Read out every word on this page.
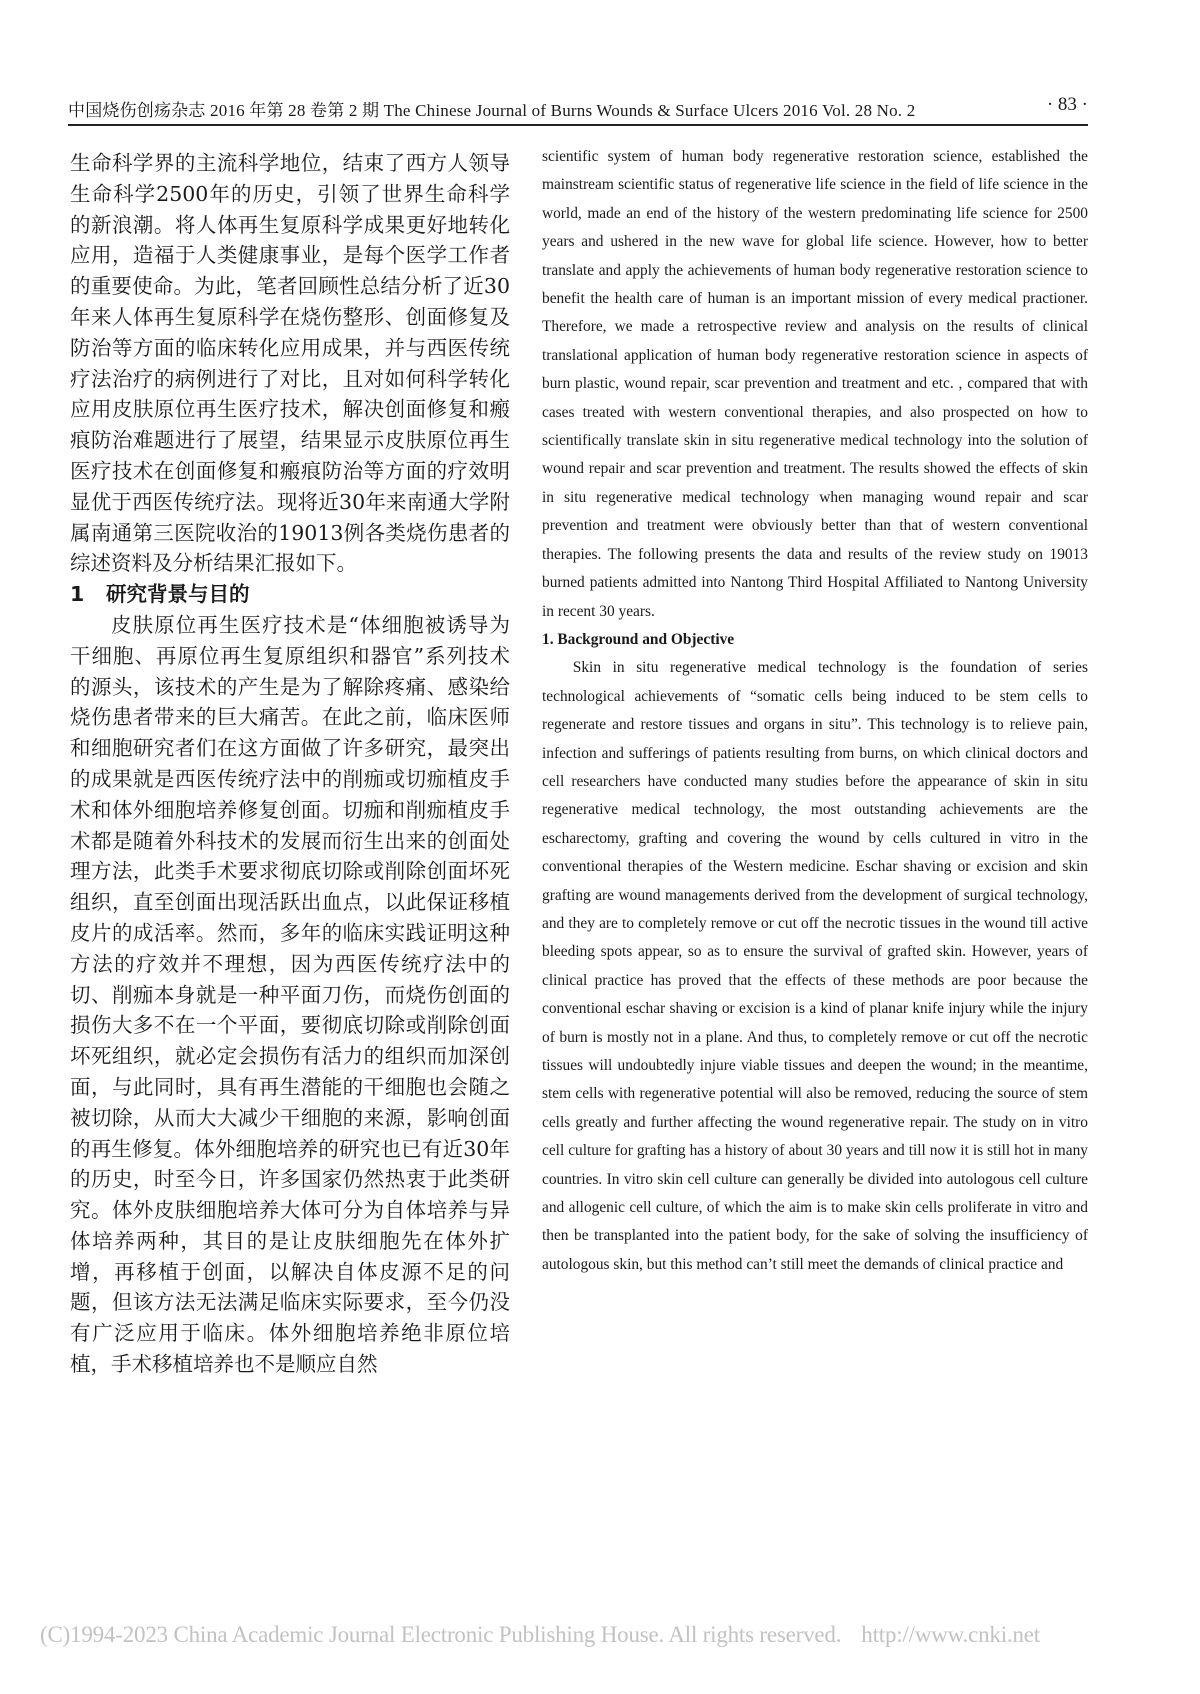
中国烧伤创疡杂志 2016 年第 28 卷第 2 期 The Chinese Journal of Burns Wounds & Surface Ulcers 2016 Vol. 28 No. 2	· 83 ·

生命科学界的主流科学地位，结束了西方人领导生命科学2500年的历史，引领了世界生命科学的新浪潮。将人体再生复原科学成果更好地转化应用，造福于人类健康事业，是每个医学工作者的重要使命。为此，笔者回顾性总结分析了近30年来人体再生复原科学在烧伤整形、创面修复及防治等方面的临床转化应用成果，并与西医传统疗法治疗的病例进行了对比，且对如何科学转化应用皮肤原位再生医疗技术，解决创面修复和瘢痕防治难题进行了展望，结果显示皮肤原位再生医疗技术在创面修复和瘢痕防治等方面的疗效明显优于西医传统疗法。现将近30年来南通大学附属南通第三医院收治的19013例各类烧伤患者的综述资料及分析结果汇报如下。

1 研究背景与目的

皮肤原位再生医疗技术是“体细胞被诱导为干细胞、再原位再生复原组织和器官”系列技术的源头，该技术的产生是为了解除疼痛、感染给烧伤患者带来的巨大痛苦。在此之前，临床医师和细胞研究者们在这方面做了许多研究，最突出的成果就是西医传统疗法中的削痂或切痂植皮手术和体外细胞培养修复创面。切痂和削痂植皮手术都是随着外科技术的发展而衍生出来的创面处理方法，此类手术要求彻底切除或削除创面坏死组织，直至创面出现活跃出血点，以此保证移植皮片的成活率。然而，多年的临床实践证明这种方法的疗效并不理想，因为西医传统疗法中的切、削痂本身就是一种平面刀伤，而烧伤创面的损伤大多不在一个平面，要彻底切除或削除创面坏死组织，就必定会损伤有活力的组织而加深创面，与此同时，具有再生潜能的干细胞也会随之被切除，从而大大减少干细胞的来源，影响创面的再生修复。体外细胞培养的研究也已有近30年的历史，时至今日，许多国家仍然热衷于此类研究。体外皮肤细胞培养大体可分为自体培养与异体培养两种，其目的是让皮肤细胞先在体外扩增，再移植于创面，以解决自体皮源不足的问题，但该方法无法满足临床实际要求，至今仍没有广泛应用于临床。体外细胞培养绝非原位培植，手术移植培养也不是顺应自然

scientific system of human body regenerative restoration science, established the mainstream scientific status of regenerative life science in the field of life science in the world, made an end of the history of the western predominating life science for 2500 years and ushered in the new wave for global life science. However, how to better translate and apply the achievements of human body regenerative restoration science to benefit the health care of human is an important mission of every medical practioner. Therefore, we made a retrospective review and analysis on the results of clinical translational application of human body regenerative restoration science in aspects of burn plastic, wound repair, scar prevention and treatment and etc. , compared that with cases treated with western conventional therapies, and also prospected on how to scientifically translate skin in situ regenerative medical technology into the solution of wound repair and scar prevention and treatment. The results showed the effects of skin in situ regenerative medical technology when managing wound repair and scar prevention and treatment were obviously better than that of western conventional therapies. The following presents the data and results of the review study on 19013 burned patients admitted into Nantong Third Hospital Affiliated to Nantong University in recent 30 years.

1. Background and Objective

Skin in situ regenerative medical technology is the foundation of series technological achievements of “somatic cells being induced to be stem cells to regenerate and restore tissues and organs in situ”. This technology is to relieve pain, infection and sufferings of patients resulting from burns, on which clinical doctors and cell researchers have conducted many studies before the appearance of skin in situ regenerative medical technology, the most outstanding achievements are the escharectomy, grafting and covering the wound by cells cultured in vitro in the conventional therapies of the Western medicine. Eschar shaving or excision and skin grafting are wound managements derived from the development of surgical technology, and they are to completely remove or cut off the necrotic tissues in the wound till active bleeding spots appear, so as to ensure the survival of grafted skin. However, years of clinical practice has proved that the effects of these methods are poor because the conventional eschar shaving or excision is a kind of planar knife injury while the injury of burn is mostly not in a plane. And thus, to completely remove or cut off the necrotic tissues will undoubtedly injure viable tissues and deepen the wound; in the meantime, stem cells with regenerative potential will also be removed, reducing the source of stem cells greatly and further affecting the wound regenerative repair. The study on in vitro cell culture for grafting has a history of about 30 years and till now it is still hot in many countries. In vitro skin cell culture can generally be divided into autologous cell culture and allogenic cell culture, of which the aim is to make skin cells proliferate in vitro and then be transplanted into the patient body, for the sake of solving the insufficiency of autologous skin, but this method can’t still meet the demands of clinical practice and

(C)1994-2023 China Academic Journal Electronic Publishing House. All rights reserved. http://www.cnki.net
